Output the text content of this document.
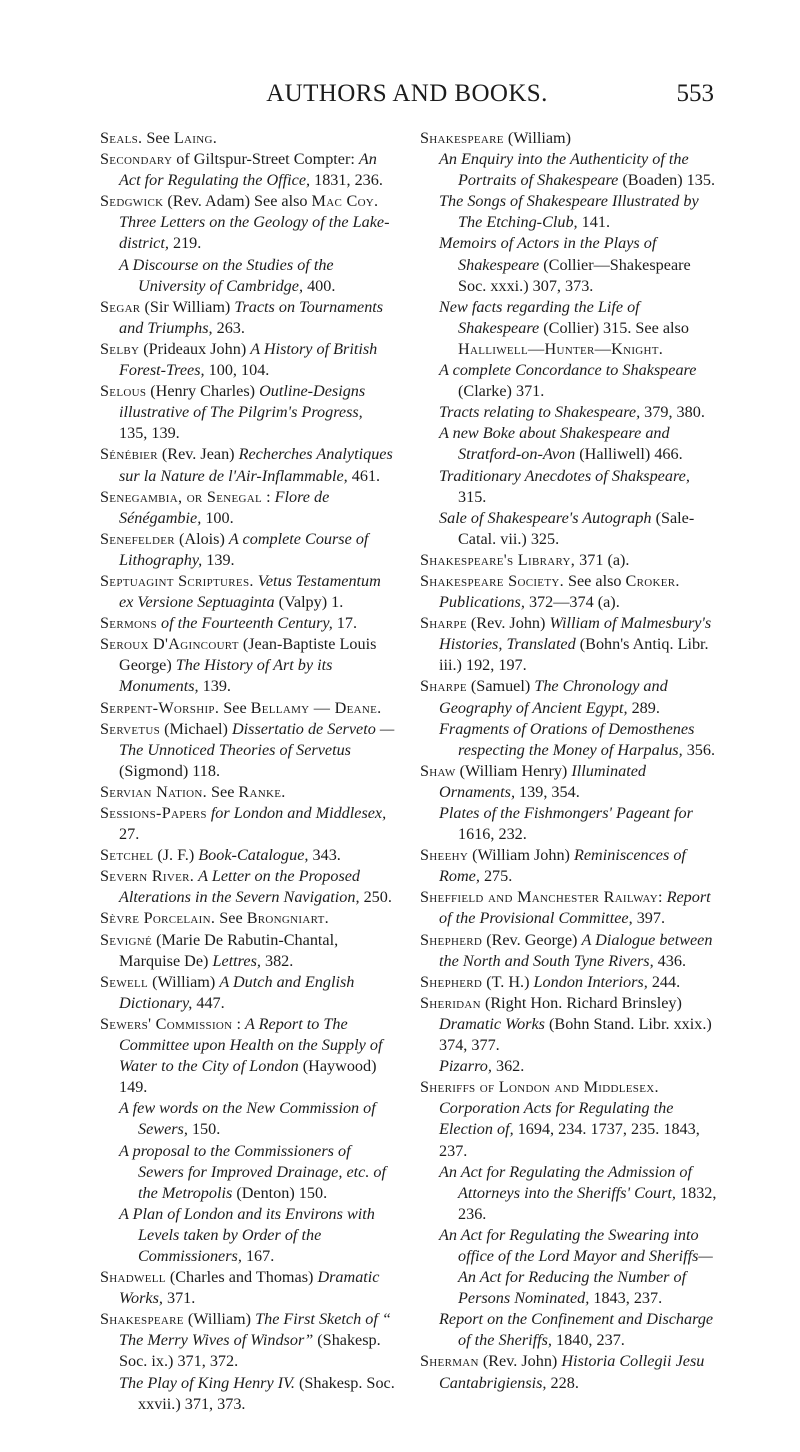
AUTHORS AND BOOKS.	553
Seals. See Laing.
Secondary of Giltspur-Street Compter: An Act for Regulating the Office, 1831, 236.
Sedgwick (Rev. Adam) See also Mac Coy. Three Letters on the Geology of the Lake-district, 219.
A Discourse on the Studies of the University of Cambridge, 400.
Segar (Sir William) Tracts on Tournaments and Triumphs, 263.
Selby (Prideaux John) A History of British Forest-Trees, 100, 104.
Selous (Henry Charles) Outline-Designs illustrative of The Pilgrim's Progress, 135, 139.
Sénébier (Rev. Jean) Recherches Analytiques sur la Nature de l'Air-Inflammable, 461.
Senegambia, or Senegal : Flore de Sénégambie, 100.
Senefelder (Alois) A complete Course of Lithography, 139.
Septuagint Scriptures. Vetus Testamentum ex Versione Septuaginta (Valpy) 1.
Sermons of the Fourteenth Century, 17.
Seroux D'Agincourt (Jean-Baptiste Louis George) The History of Art by its Monuments, 139.
Serpent-Worship. See Bellamy — Deane.
Servetus (Michael) Dissertatio de Serveto — The Unnoticed Theories of Servetus (Sigmond) 118.
Servian Nation. See Ranke.
Sessions-Papers for London and Middlesex, 27.
Setchel (J. F.) Book-Catalogue, 343.
Severn River. A Letter on the Proposed Alterations in the Severn Navigation, 250.
Sèvre Porcelain. See Brongniart.
Sevigné (Marie De Rabutin-Chantal, Marquise De) Lettres, 382.
Sewell (William) A Dutch and English Dictionary, 447.
Sewers' Commission : A Report to The Committee upon Health on the Supply of Water to the City of London (Haywood) 149.
A few words on the New Commission of Sewers, 150.
A proposal to the Commissioners of Sewers for Improved Drainage, etc. of the Metropolis (Denton) 150.
A Plan of London and its Environs with Levels taken by Order of the Commissioners, 167.
Shadwell (Charles and Thomas) Dramatic Works, 371.
Shakespeare (William) The First Sketch of “ The Merry Wives of Windsor” (Shakesp. Soc. ix.) 371, 372.
The Play of King Henry IV. (Shakesp. Soc. xxvii.) 371, 373.
Shakespeare (William)
An Enquiry into the Authenticity of the Portraits of Shakespeare (Boaden) 135.
The Songs of Shakespeare Illustrated by The Etching-Club, 141.
Memoirs of Actors in the Plays of Shakespeare (Collier—Shakespeare Soc. xxxi.) 307, 373.
New facts regarding the Life of Shakespeare (Collier) 315. See also Halliwell—Hunter—Knight.
A complete Concordance to Shakspeare (Clarke) 371.
Tracts relating to Shakespeare, 379, 380.
A new Boke about Shakespeare and Stratford-on-Avon (Halliwell) 466.
Traditionary Anecdotes of Shakspeare, 315.
Sale of Shakespeare's Autograph (Sale-Catal. vii.) 325.
Shakespeare's Library, 371 (a).
Shakespeare Society. See also Croker. Publications, 372—374 (a).
Sharpe (Rev. John) William of Malmesbury's Histories, Translated (Bohn's Antiq. Libr. iii.) 192, 197.
Sharpe (Samuel) The Chronology and Geography of Ancient Egypt, 289.
Fragments of Orations of Demosthenes respecting the Money of Harpalus, 356.
Shaw (William Henry) Illuminated Ornaments, 139, 354.
Plates of the Fishmongers' Pageant for 1616, 232.
Sheehy (William John) Reminiscences of Rome, 275.
Sheffield and Manchester Railway: Report of the Provisional Committee, 397.
Shepherd (Rev. George) A Dialogue between the North and South Tyne Rivers, 436.
Shepherd (T. H.) London Interiors, 244.
Sheridan (Right Hon. Richard Brinsley) Dramatic Works (Bohn Stand. Libr. xxix.) 374, 377.
Pizarro, 362.
Sheriffs of London and Middlesex. Corporation Acts for Regulating the Election of, 1694, 234. 1737, 235. 1843, 237.
An Act for Regulating the Admission of Attorneys into the Sheriffs' Court, 1832, 236.
An Act for Regulating the Swearing into office of the Lord Mayor and Sheriffs—An Act for Reducing the Number of Persons Nominated, 1843, 237.
Report on the Confinement and Discharge of the Sheriffs, 1840, 237.
Sherman (Rev. John) Historia Collegii Jesu Cantabrigiensis, 228.
